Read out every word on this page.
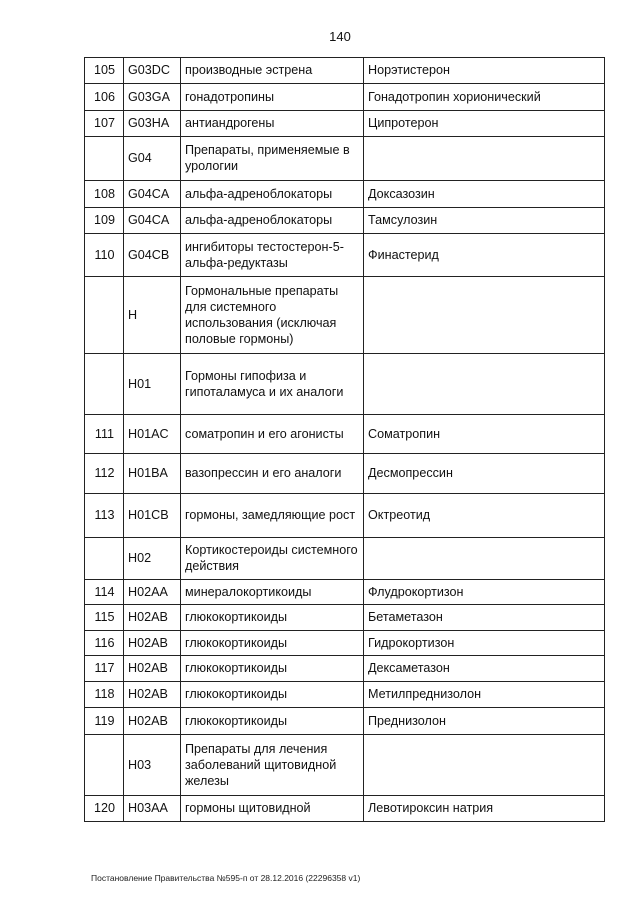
140
105	G03DC	производные эстрена	Норэтистерон
106	G03GA	гонадотропины	Гонадотропин хорионический
107	G03HA	антиандрогены	Ципротерон
	G04	Препараты, применяемые в урологии	
108	G04CA	альфа-адреноблокаторы	Доксазозин
109	G04CA	альфа-адреноблокаторы	Тамсулозин
110	G04CB	ингибиторы тестостерон-5-альфа-редуктазы	Финастерид
	H	Гормональные препараты для системного использования (исключая половые гормоны)	
	H01	Гормоны гипофиза и гипоталамуса и их аналоги	
111	H01AC	соматропин и его агонисты	Соматропин
112	H01BA	вазопрессин и его аналоги	Десмопрессин
113	H01CB	гормоны, замедляющие рост	Октреотид
	H02	Кортикостероиды системного действия	
114	H02AA	минералокортикоиды	Флудрокортизон
115	H02AB	глюкокортикоиды	Бетаметазон
116	H02AB	глюкокортикоиды	Гидрокортизон
117	H02AB	глюкокортикоиды	Дексаметазон
118	H02AB	глюкокортикоиды	Метилпреднизолон
119	H02AB	глюкокортикоиды	Преднизолон
	H03	Препараты для лечения заболеваний щитовидной железы	
120	H03AA	гормоны щитовидной	Левотироксин натрия
Постановление Правительства №595-п от 28.12.2016 (22296358 v1)
